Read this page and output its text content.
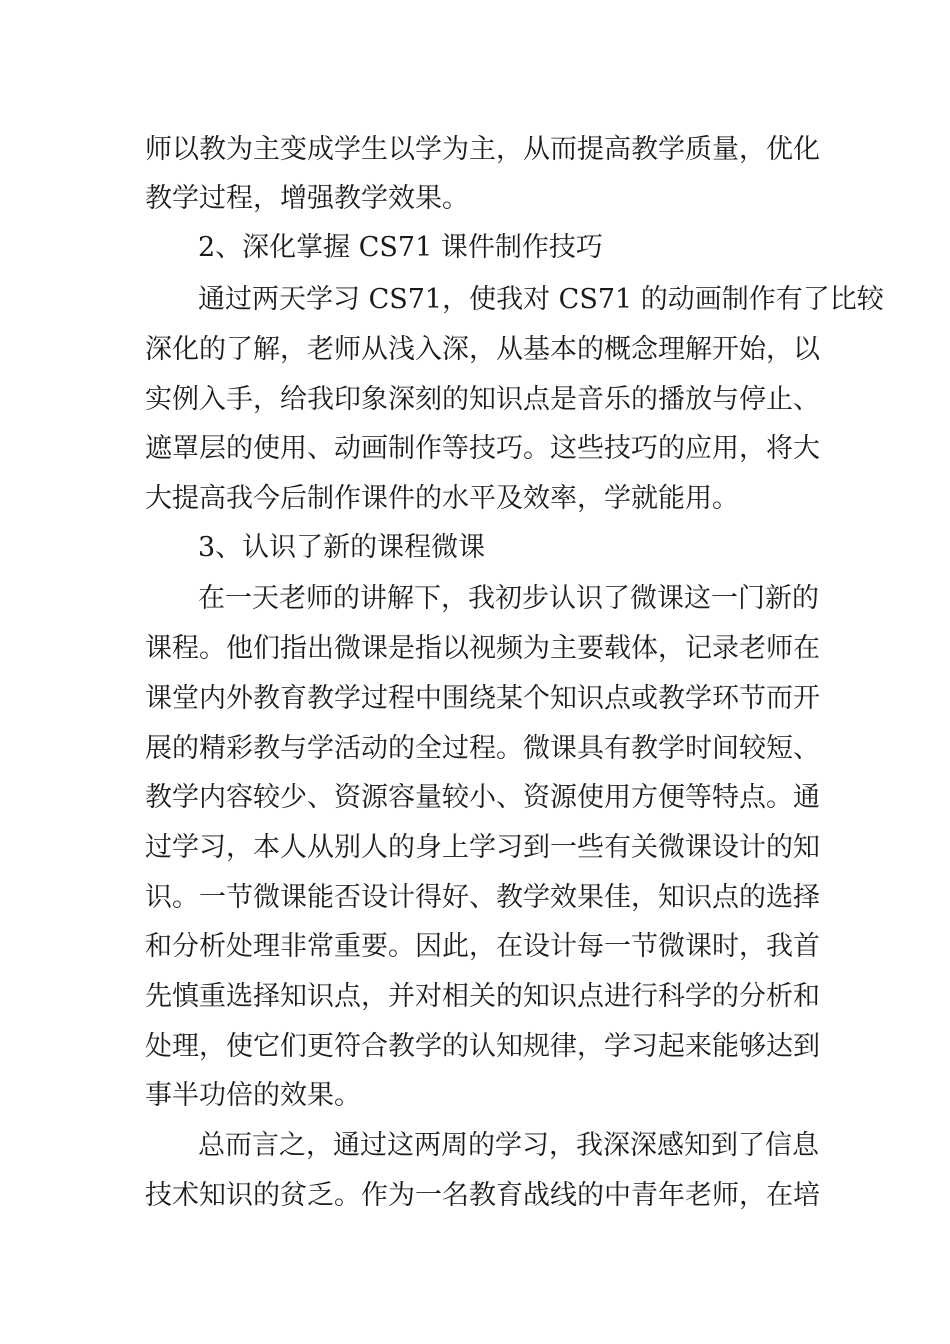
师以教为主变成学生以学为主，从而提高教学质量，优化

教学过程，增强教学效果。

2、深化掌握 CS71 课件制作技巧

通过两天学习 CS71，使我对 CS71 的动画制作有了比较

深化的了解，老师从浅入深，从基本的概念理解开始，以

实例入手，给我印象深刻的知识点是音乐的播放与停止、

遮罩层的使用、动画制作等技巧。这些技巧的应用，将大

大提高我今后制作课件的水平及效率，学就能用。

3、认识了新的课程微课

在一天老师的讲解下，我初步认识了微课这一门新的

课程。他们指出微课是指以视频为主要载体，记录老师在

课堂内外教育教学过程中围绕某个知识点或教学环节而开

展的精彩教与学活动的全过程。微课具有教学时间较短、

教学内容较少、资源容量较小、资源使用方便等特点。通

过学习，本人从别人的身上学习到一些有关微课设计的知

识。一节微课能否设计得好、教学效果佳，知识点的选择

和分析处理非常重要。因此，在设计每一节微课时，我首

先慎重选择知识点，并对相关的知识点进行科学的分析和

处理，使它们更符合教学的认知规律，学习起来能够达到

事半功倍的效果。

总而言之，通过这两周的学习，我深深感知到了信息

技术知识的贫乏。作为一名教育战线的中青年老师，在培
